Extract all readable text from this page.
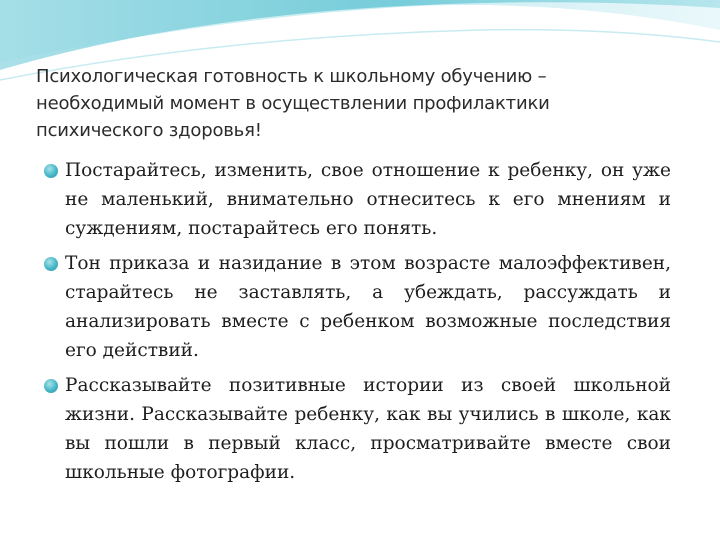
Психологическая готовность к школьному обучению – необходимый момент в осуществлении профилактики психического здоровья!
Постарайтесь, изменить, свое отношение к ребенку, он уже не маленький, внимательно отнеситесь к его мнениям и суждениям, постарайтесь его понять.
Тон приказа и назидание в этом возрасте малоэффективен, старайтесь не заставлять, а убеждать, рассуждать и анализировать вместе с ребенком возможные последствия его действий.
Рассказывайте позитивные истории из своей школьной жизни. Рассказывайте ребенку, как вы учились в школе, как вы пошли в первый класс, просматривайте вместе свои школьные фотографии.
